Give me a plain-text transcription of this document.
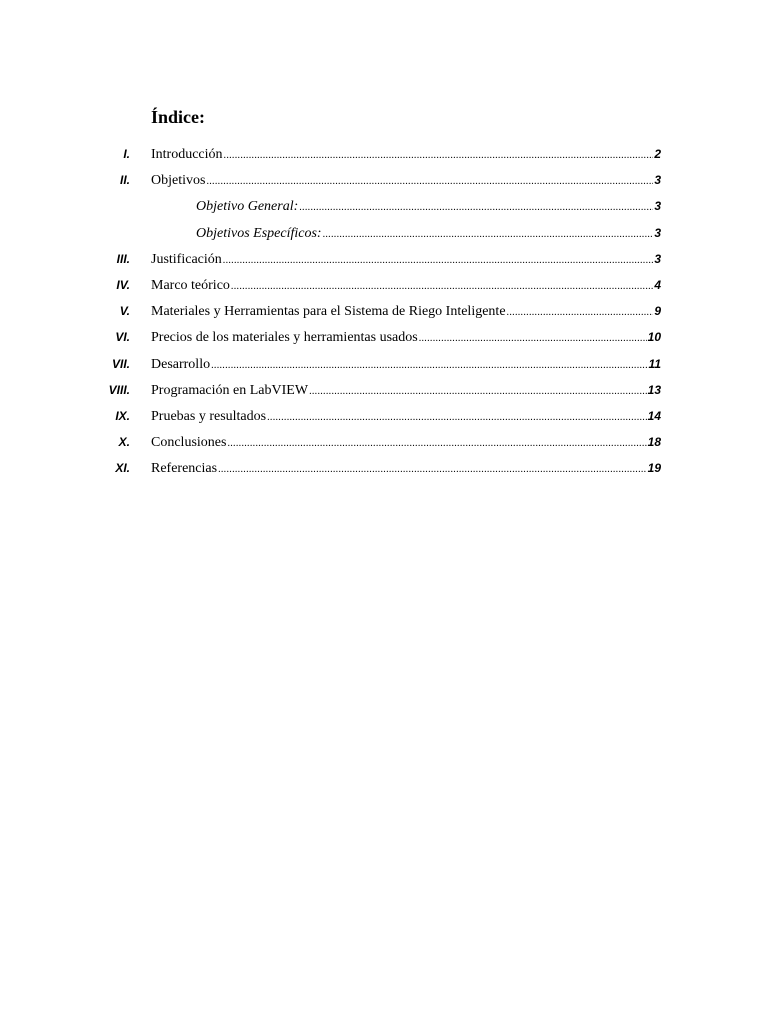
Índice:
I. Introducción .....	2
II. Objetivos .....	3
Objetivo General: .....	3
Objetivos Específicos: .....	3
III. Justificación .....	3
IV. Marco teórico .....	4
V. Materiales y Herramientas para el Sistema de Riego Inteligente .....	9
VI. Precios de los materiales y herramientas usados .....	10
VII. Desarrollo .....	11
VIII. Programación en LabVIEW .....	13
IX. Pruebas y resultados .....	14
X. Conclusiones .....	18
XI. Referencias .....	19
